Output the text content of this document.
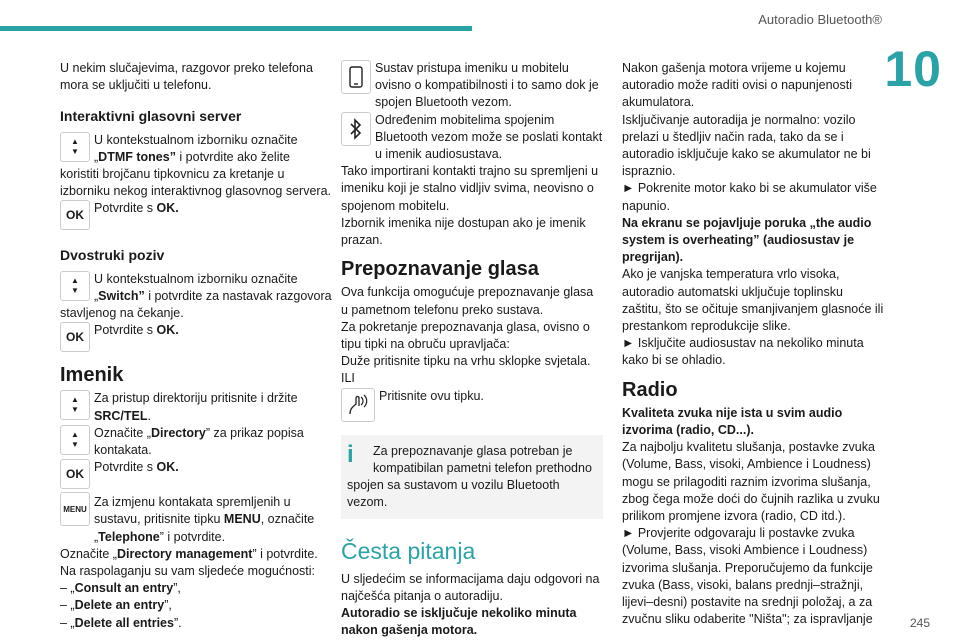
Autoradio Bluetooth®
10

U nekim slučajevima, razgovor preko telefona mora se uključiti u telefonu.

Interaktivni glasovni server
▲
▼
U kontekstualnom izborniku označite „DTMF tones” i potvrdite ako želite koristiti brojčanu tipkovnicu za kretanje u izborniku nekog interaktivnog glasovnog servera.
OK Potvrdite s OK.
Dvostruki poziv
▲
▼
U kontekstualnom izborniku označite „Switch” i potvrdite za nastavak razgovora stavljenog na čekanje.
OK Potvrdite s OK.
Imenik
▲
▼
Za pristup direktoriju pritisnite i držite SRC/TEL.
▲
▼
Označite „Directory” za prikaz popisa kontakata.
OK Potvrdite s OK.
MENU Za izmjenu kontakata spremljenih u sustavu, pritisnite tipku MENU, označite „Telephone” i potvrdite.

Označite „Directory management” i potvrdite.

Na raspolaganju su vam sljedeće mogućnosti:

– „Consult an entry”,

– „Delete an entry”,

– „Delete all entries”.

Sustav pristupa imeniku u mobitelu ovisno o kompatibilnosti i to samo dok je spojen Bluetooth vezom.
Određenim mobitelima spojenim Bluetooth vezom može se poslati kontakt u imenik audiosustava.

Tako importirani kontakti trajno su spremljeni u imeniku koji je stalno vidljiv svima, neovisno o spojenom mobitelu.

Izbornik imenika nije dostupan ako je imenik prazan.

Prepoznavanje glasa

Ova funkcija omogućuje prepoznavanje glasa u pametnom telefonu preko sustava.

Za pokretanje prepoznavanja glasa, ovisno o tipu tipki na obruču upravljača:

Duže pritisnite tipku na vrhu sklopke svjetala.

ILI

Pritisnite ovu tipku.
i	Za prepoznavanje glasa potreban je kompatibilan pametni telefon prethodno spojen sa sustavom u vozilu Bluetooth vezom.
Česta pitanja

U sljedećim se informacijama daju odgovori na najčešća pitanja o autoradiju.

Autoradio se isključuje nekoliko minuta nakon gašenja motora.

Nakon gašenja motora vrijeme u kojemu autoradio može raditi ovisi o napunjenosti akumulatora.

Isključivanje autoradija je normalno: vozilo prelazi u štedljiv način rada, tako da se i autoradio isključuje kako se akumulator ne bi ispraznio.

► Pokrenite motor kako bi se akumulator više napunio.

Na ekranu se pojavljuje poruka „the audio system is overheating” (audiosustav je pregrijan).

Ako je vanjska temperatura vrlo visoka, autoradio automatski uključuje toplinsku zaštitu, što se očituje smanjivanjem glasnoće ili prestankom reprodukcije slike.

► Isključite audiosustav na nekoliko minuta kako bi se ohladio.

Radio

Kvaliteta zvuka nije ista u svim audio izvorima (radio, CD...).

Za najbolju kvalitetu slušanja, postavke zvuka (Volume, Bass, visoki, Ambience i Loudness) mogu se prilagoditi raznim izvorima slušanja, zbog čega može doći do čujnih razlika u zvuku prilikom promjene izvora (radio, CD itd.).

► Provjerite odgovaraju li postavke zvuka (Volume, Bass, visoki Ambience i Loudness) izvorima slušanja. Preporučujemo da funkcije zvuka (Bass, visoki, balans prednji–stražnji, lijevi–desni) postavite na srednji položaj, a za zvučnu sliku odaberite "Ništa"; za ispravljanje	245
